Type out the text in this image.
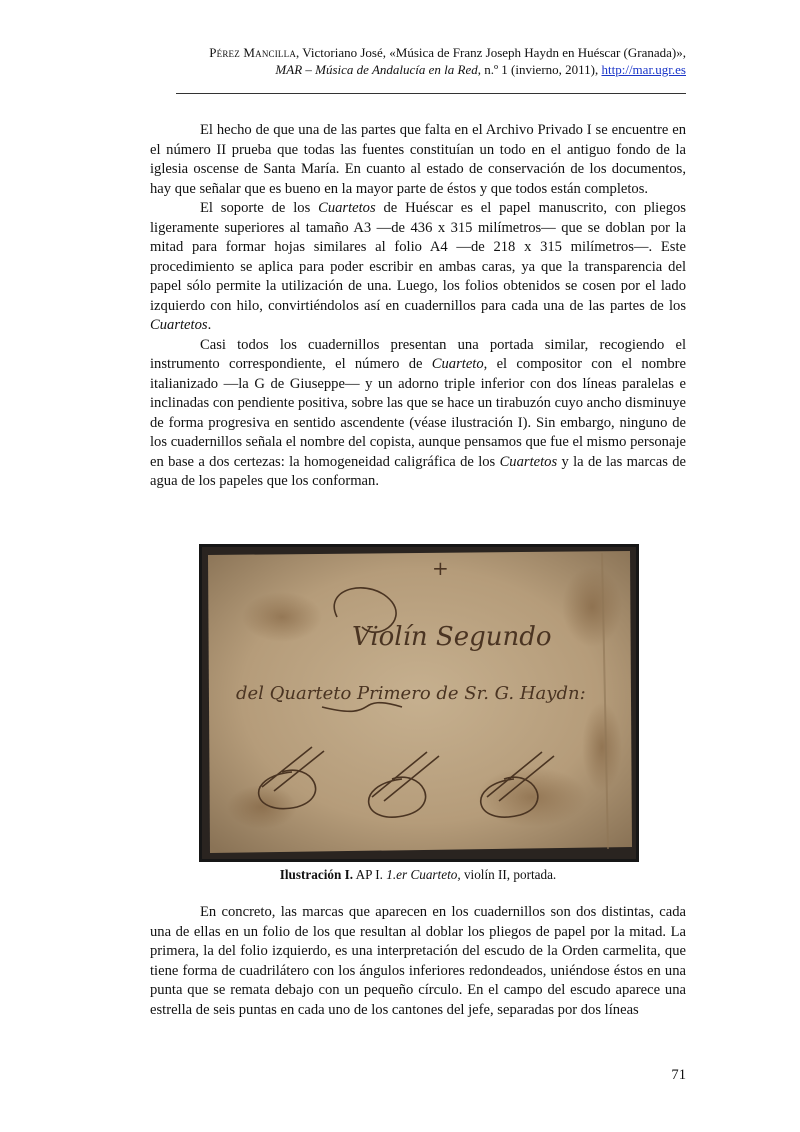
Pérez Mancilla, Victoriano José, «Música de Franz Joseph Haydn en Huéscar (Granada)»,
MAR – Música de Andalucía en la Red, n.º 1 (invierno, 2011), http://mar.ugr.es

El hecho de que una de las partes que falta en el Archivo Privado I se encuentre en el número II prueba que todas las fuentes constituían un todo en el antiguo fondo de la iglesia oscense de Santa María. En cuanto al estado de conservación de los documentos, hay que señalar que es bueno en la mayor parte de éstos y que todos están completos.

El soporte de los Cuartetos de Huéscar es el papel manuscrito, con pliegos ligeramente superiores al tamaño A3 —de 436 x 315 milímetros— que se doblan por la mitad para formar hojas similares al folio A4 —de 218 x 315 milímetros—. Este procedimiento se aplica para poder escribir en ambas caras, ya que la transparencia del papel sólo permite la utilización de una. Luego, los folios obtenidos se cosen por el lado izquierdo con hilo, convirtiéndolos así en cuadernillos para cada una de las partes de los Cuartetos.

Casi todos los cuadernillos presentan una portada similar, recogiendo el instrumento correspondiente, el número de Cuarteto, el compositor con el nombre italianizado —la G de Giuseppe— y un adorno triple inferior con dos líneas paralelas e inclinadas con pendiente positiva, sobre las que se hace un tirabuzón cuyo ancho disminuye de forma progresiva en sentido ascendente (véase ilustración I). Sin embargo, ninguno de los cuadernillos señala el nombre del copista, aunque pensamos que fue el mismo personaje en base a dos certezas: la homogeneidad caligráfica de los Cuartetos y la de las marcas de agua de los papeles que los conforman.

+
Violín Segundo
del Quarteto Primero de Sr. G. Haydn:
Ilustración I. AP I. 1.er Cuarteto, violín II, portada.

En concreto, las marcas que aparecen en los cuadernillos son dos distintas, cada una de ellas en un folio de los que resultan al doblar los pliegos de papel por la mitad. La primera, la del folio izquierdo, es una interpretación del escudo de la Orden carmelita, que tiene forma de cuadrilátero con los ángulos inferiores redondeados, uniéndose éstos en una punta que se remata debajo con un pequeño círculo. En el campo del escudo aparece una estrella de seis puntas en cada uno de los cantones del jefe, separadas por dos líneas

71
